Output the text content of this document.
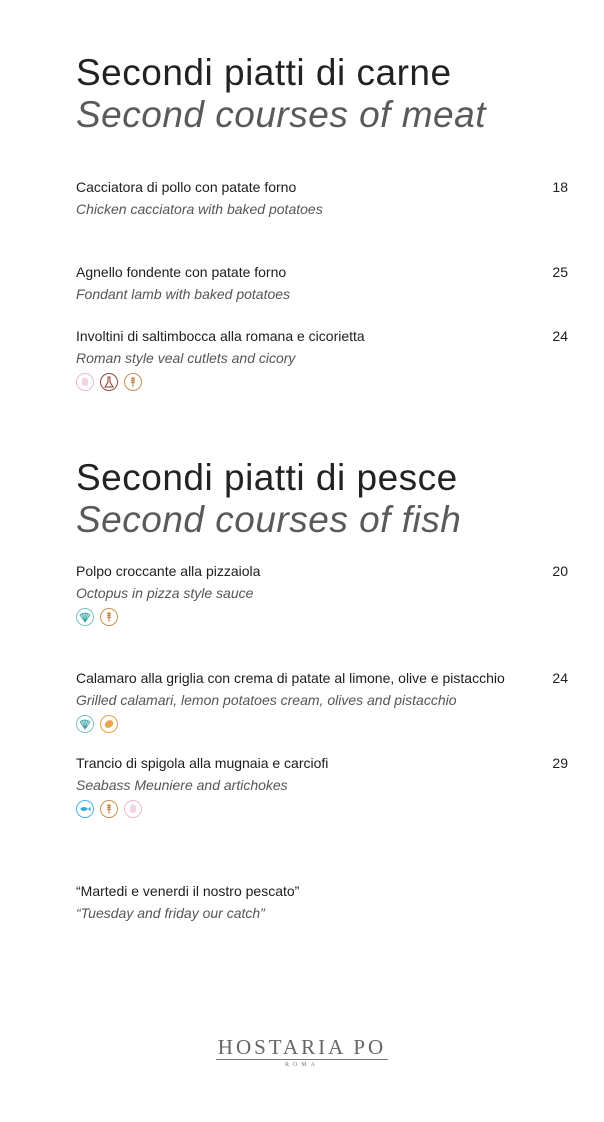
Secondi piatti di carne
Second courses of meat
Cacciatora di pollo con patate forno	18
Chicken cacciatora with baked potatoes
Agnello fondente con patate forno	25
Fondant lamb with baked potatoes
Involtini di saltimbocca alla romana e cicorietta	24
Roman style veal cutlets and cicory
Secondi piatti di pesce
Second courses of fish
Polpo croccante alla pizzaiola	20
Octopus in pizza style sauce
Calamaro alla griglia con crema di patate al limone, olive e pistacchio	24
Grilled calamari, lemon potatoes cream, olives and pistacchio
Trancio di spigola alla mugnaia e carciofi	29
Seabass Meuniere and artichokes
“Martedi e venerdi il nostro pescato”
“Tuesday and friday our catch”
HOSTARIA PO
ROMA
